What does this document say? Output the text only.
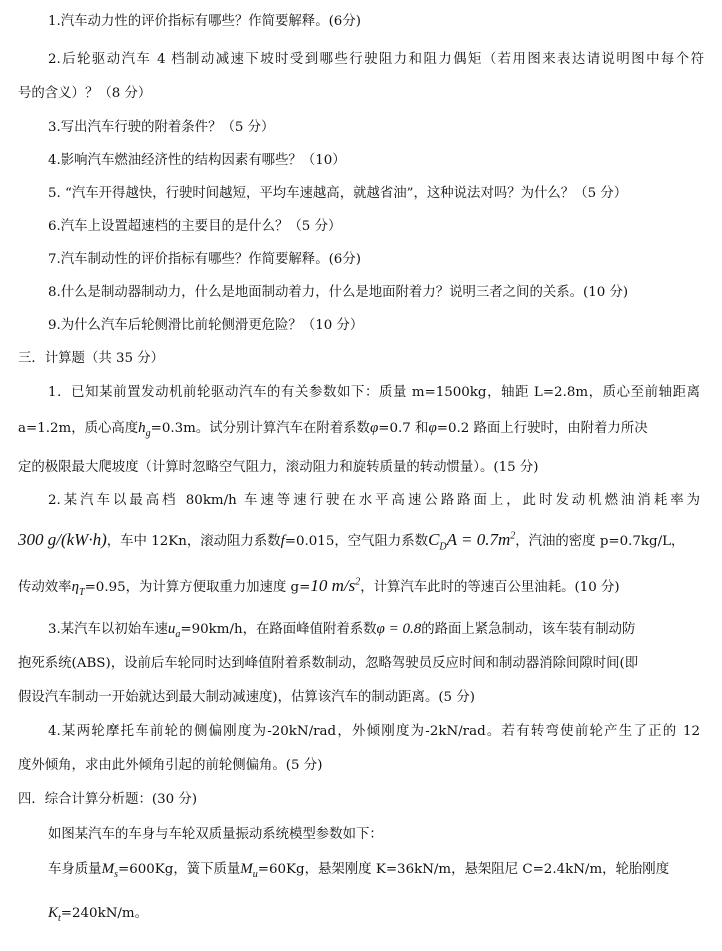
1.汽车动力性的评价指标有哪些？作简要解释。(6分)
2.后轮驱动汽车 4 档制动减速下坡时受到哪些行驶阻力和阻力偶矩（若用图来表达请说明图中每个符
号的含义）？（8 分）
3.写出汽车行驶的附着条件？（5 分）
4.影响汽车燃油经济性的结构因素有哪些？（10）
5. “汽车开得越快，行驶时间越短，平均车速越高，就越省油”，这种说法对吗？为什么？（5 分）
6.汽车上设置超速档的主要目的是什么？（5 分）
7.汽车制动性的评价指标有哪些？作简要解释。(6分)
8.什么是制动器制动力，什么是地面制动着力，什么是地面附着力？说明三者之间的关系。(10 分)
9.为什么汽车后轮侧滑比前轮侧滑更危险？（10 分）
三．计算题（共 35 分）
1．已知某前置发动机前轮驱动汽车的有关参数如下：质量 m=1500kg，轴距 L=2.8m，质心至前轴距离
a=1.2m，质心高度$h_g=0.3m$。试分别计算汽车在附着系数φ=0.7 和φ=0.2 路面上行驶时，由附着力所决
定的极限最大爬坡度（计算时忽略空气阻力，滚动阻力和旋转质量的转动惯量）。(15 分)
2.某汽车以最高档 80km/h 车速等速行驶在水平高速公路路面上，此时发动机燃油消耗率为
300 g/(kW·h)，车中 12Kn，滚动阻力系数f=0.015，空气阻力系数$C_DA = 0.7m^2$，汽油的密度 p=0.7kg/L，
传动效率$\eta_T=0.95$，为计算方便取重力加速度 g=10 $m/s^2$，计算汽车此时的等速百公里油耗。(10 分)
3.某汽车以初始车速$u_a=90km/h$，在路面峰值附着系数φ = 0.8的路面上紧急制动，该车装有制动防
抱死系统(ABS)，设前后车轮同时达到峰值附着系数制动，忽略驾驶员反应时间和制动器消除间隙时间(即
假设汽车制动一开始就达到最大制动减速度)，估算该汽车的制动距离。(5 分)
4.某两轮摩托车前轮的侧偏刚度为-20kN/rad，外倾刚度为-2kN/rad。若有转弯使前轮产生了正的 12
度外倾角，求由此外倾角引起的前轮侧偏角。(5 分)
四．综合计算分析题：(30 分)
如图某汽车的车身与车轮双质量振动系统模型参数如下：
车身质量$M_s=600Kg$，簧下质量$M_u=60Kg$，悬架刚度 K=36kN/m，悬架阻尼 C=2.4kN/m，轮胎刚度
$K_t=240kN/m$。
